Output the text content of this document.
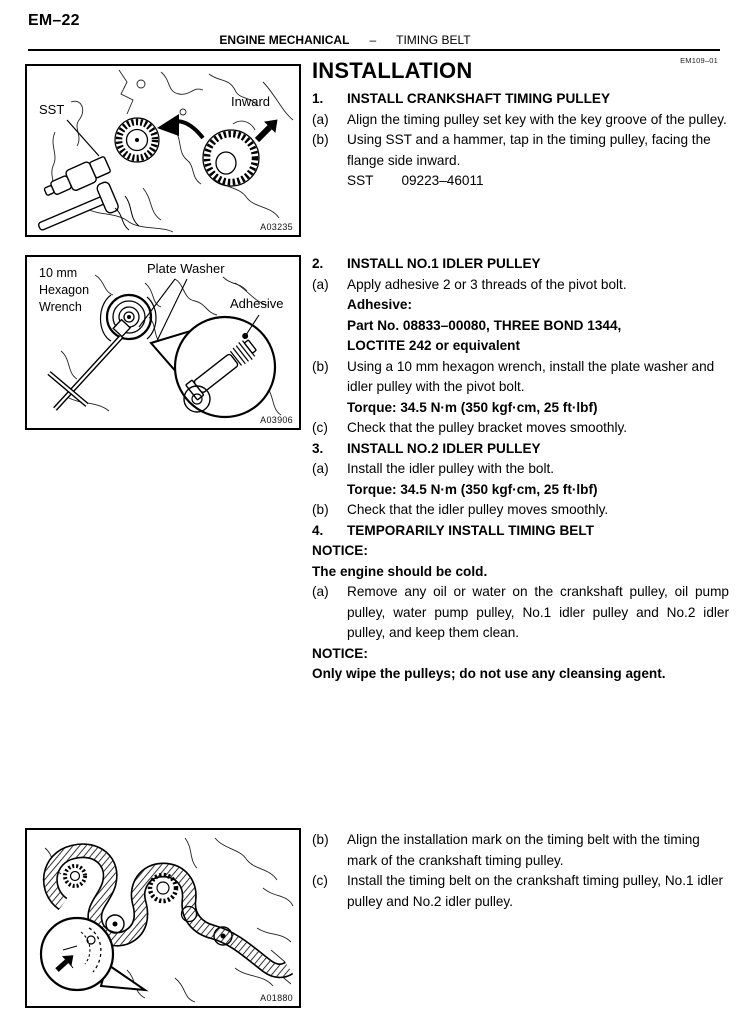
EM–22
ENGINE MECHANICAL – TIMING BELT
EM109–01
SST
Inward
A03235
10 mm
Hexagon
Wrench
Plate Washer
Adhesive
A03906
A01880
INSTALLATION
1.	INSTALL CRANKSHAFT TIMING PULLEY
(a)	Align the timing pulley set key with the key groove of the pulley.
(b)	Using SST and a hammer, tap in the timing pulley, facing the flange side inward.
SST 09223–46011
2.	INSTALL NO.1 IDLER PULLEY
(a)	Apply adhesive 2 or 3 threads of the pivot bolt.
Adhesive:
Part No. 08833–00080, THREE BOND 1344,
LOCTITE 242 or equivalent
(b)	Using a 10 mm hexagon wrench, install the plate washer and idler pulley with the pivot bolt.
Torque: 34.5 N·m (350 kgf·cm, 25 ft·lbf)
(c)	Check that the pulley bracket moves smoothly.
3.	INSTALL NO.2 IDLER PULLEY
(a)	Install the idler pulley with the bolt.
Torque: 34.5 N·m (350 kgf·cm, 25 ft·lbf)
(b)	Check that the idler pulley moves smoothly.
4.	TEMPORARILY INSTALL TIMING BELT
NOTICE:
The engine should be cold.
(a)	Remove any oil or water on the crankshaft pulley, oil pump pulley, water pump pulley, No.1 idler pulley and No.2 idler pulley, and keep them clean.
NOTICE:
Only wipe the pulleys; do not use any cleansing agent.
(b)	Align the installation mark on the timing belt with the timing mark of the crankshaft timing pulley.
(c)	Install the timing belt on the crankshaft timing pulley, No.1 idler pulley and No.2 idler pulley.
